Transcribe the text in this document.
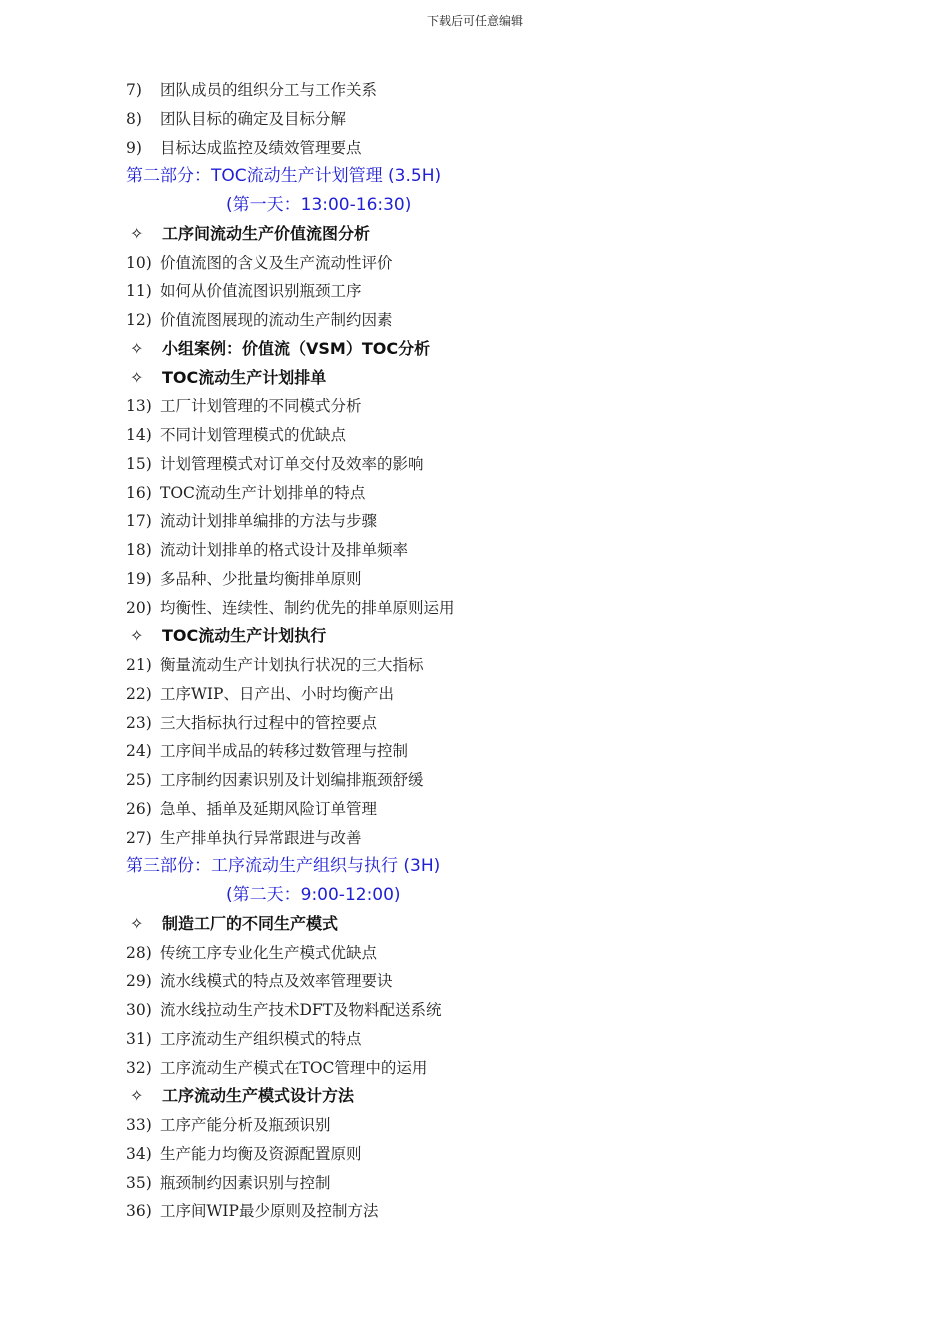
下载后可任意编辑
7) 团队成员的组织分工与工作关系
8) 团队目标的确定及目标分解
9) 目标达成监控及绩效管理要点
第二部分：TOC流动生产计划管理 (3.5H)
(第一天：13:00-16:30)
✧ 工序间流动生产价值流图分析
10) 价值流图的含义及生产流动性评价
11) 如何从价值流图识别瓶颈工序
12) 价值流图展现的流动生产制约因素
✧ 小组案例：价值流（VSM）TOC分析
✧ TOC流动生产计划排单
13) 工厂计划管理的不同模式分析
14) 不同计划管理模式的优缺点
15) 计划管理模式对订单交付及效率的影响
16) TOC流动生产计划排单的特点
17) 流动计划排单编排的方法与步骤
18) 流动计划排单的格式设计及排单频率
19) 多品种、少批量均衡排单原则
20) 均衡性、连续性、制约优先的排单原则运用
✧ TOC流动生产计划执行
21) 衡量流动生产计划执行状况的三大指标
22) 工序WIP、日产出、小时均衡产出
23) 三大指标执行过程中的管控要点
24) 工序间半成品的转移过数管理与控制
25) 工序制约因素识别及计划编排瓶颈舒缓
26) 急单、插单及延期风险订单管理
27) 生产排单执行异常跟进与改善
第三部份：工序流动生产组织与执行 (3H)
(第二天：9:00-12:00)
✧ 制造工厂的不同生产模式
28) 传统工序专业化生产模式优缺点
29) 流水线模式的特点及效率管理要诀
30) 流水线拉动生产技术DFT及物料配送系统
31) 工序流动生产组织模式的特点
32) 工序流动生产模式在TOC管理中的运用
✧ 工序流动生产模式设计方法
33) 工序产能分析及瓶颈识别
34) 生产能力均衡及资源配置原则
35) 瓶颈制约因素识别与控制
36) 工序间WIP最少原则及控制方法
